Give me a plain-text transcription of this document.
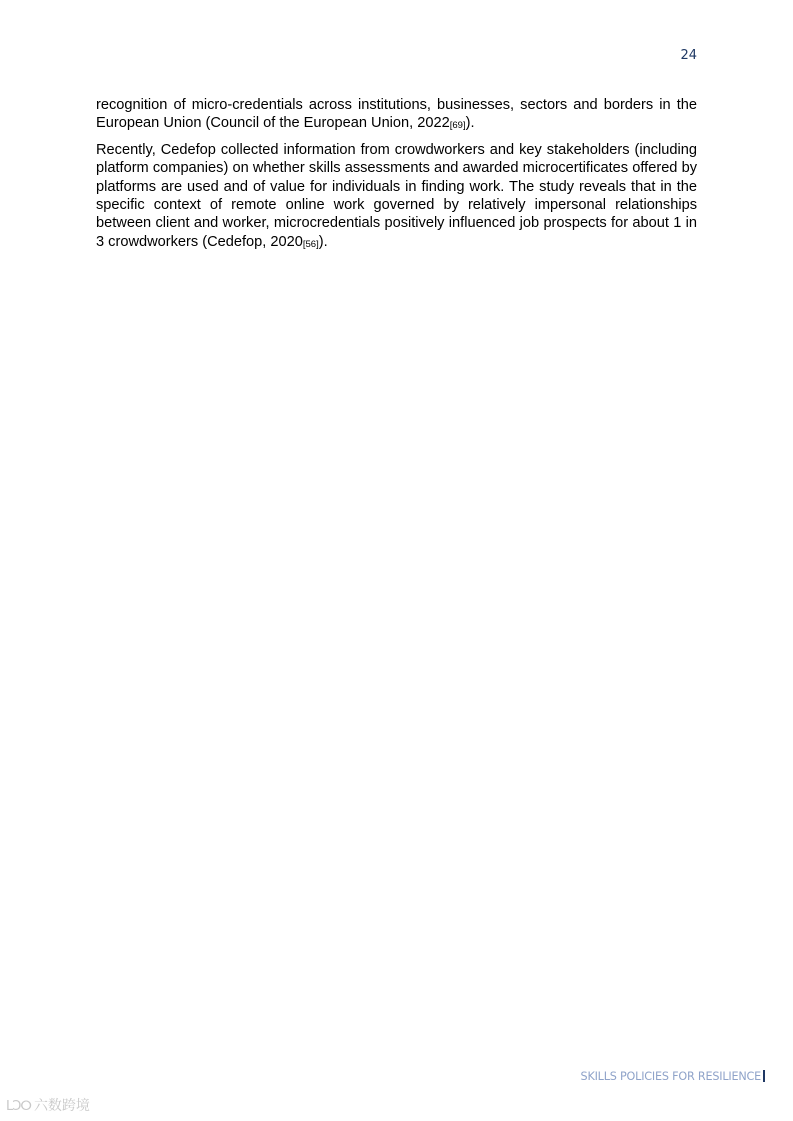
24

recognition of micro-credentials across institutions, businesses, sectors and borders in the European Union (Council of the European Union, $2022_{[69]}$).

Recently, Cedefop collected information from crowdworkers and key stakeholders (including platform companies) on whether skills assessments and awarded microcertificates offered by platforms are used and of value for individuals in finding work. The study reveals that in the specific context of remote online work governed by relatively impersonal relationships between client and worker, microcredentials positively influenced job prospects for about 1 in 3 crowdworkers (Cedefop, $2020_{[56]}$).

SKILLS POLICIES FOR RESILIENCE
ⅬƆⵔ 六数跨境
